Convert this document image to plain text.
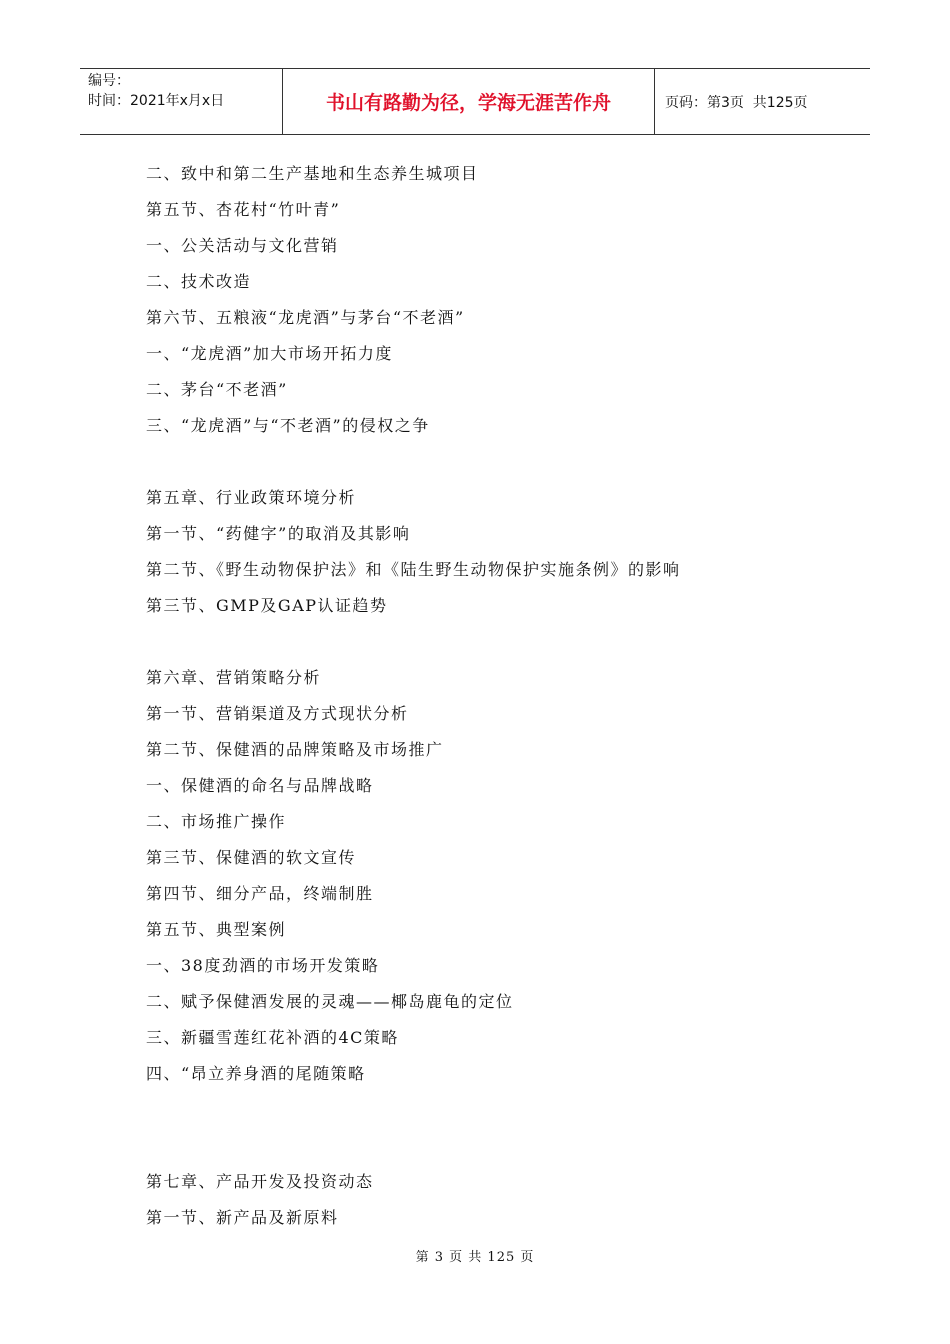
编号：
时间：2021年x月x日	书山有路勤为径，学海无涯苦作舟	页码：第3页  共125页
二、致中和第二生产基地和生态养生城项目
第五节、杏花村“竹叶青”
一、公关活动与文化营销
二、技术改造
第六节、五粮液“龙虎酒”与茅台“不老酒”
一、“龙虎酒”加大市场开拓力度
二、茅台“不老酒”
三、“龙虎酒”与“不老酒”的侵权之争
第五章、行业政策环境分析
第一节、“药健字”的取消及其影响
第二节、《野生动物保护法》和《陆生野生动物保护实施条例》的影响
第三节、GMP及GAP认证趋势
第六章、营销策略分析
第一节、营销渠道及方式现状分析
第二节、保健酒的品牌策略及市场推广
一、保健酒的命名与品牌战略
二、市场推广操作
第三节、保健酒的软文宣传
第四节、细分产品，终端制胜
第五节、典型案例
一、38度劲酒的市场开发策略
二、赋予保健酒发展的灵魂——椰岛鹿龟的定位
三、新疆雪莲红花补酒的4C策略
四、“昂立养身酒的尾随策略
第七章、产品开发及投资动态
第一节、新产品及新原料
第 3 页 共 125 页
